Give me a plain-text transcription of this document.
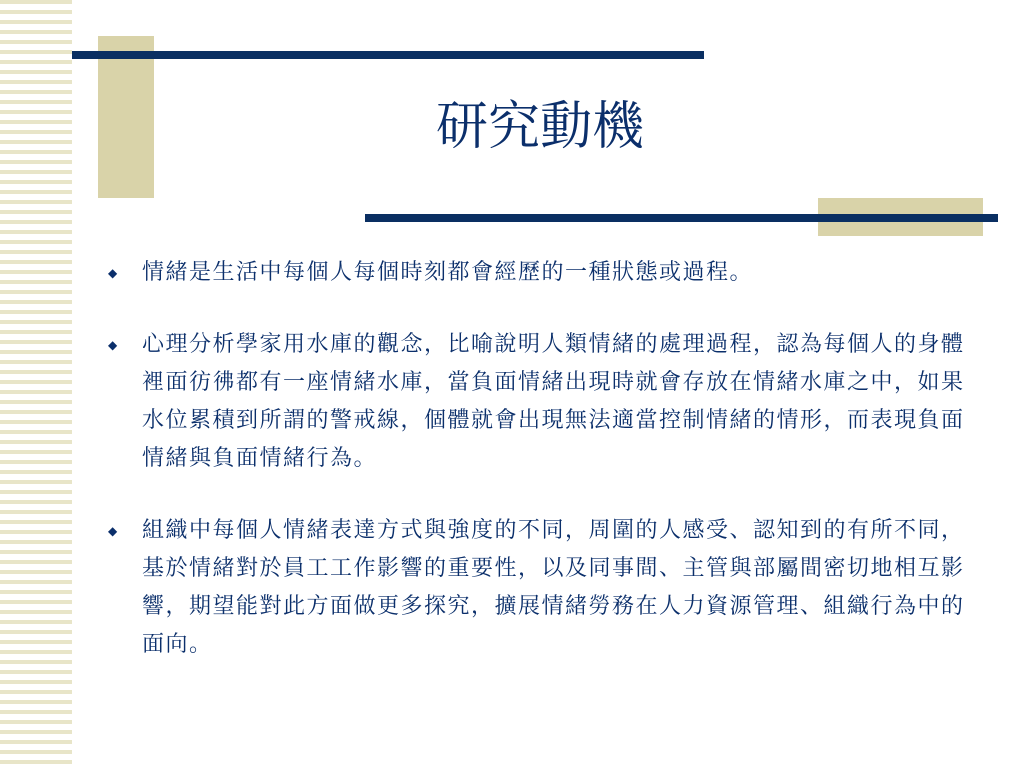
研究動機
◆	情緒是生活中每個人每個時刻都會經歷的一種狀態或過程。
◆	心理分析學家用水庫的觀念，比喻說明人類情緒的處理過程，認為每個人的身體裡面彷彿都有一座情緒水庫，當負面情緒出現時就會存放在情緒水庫之中，如果水位累積到所謂的警戒線，個體就會出現無法適當控制情緒的情形，而表現負面情緒與負面情緒行為。
◆	組織中每個人情緒表達方式與強度的不同，周圍的人感受、認知到的有所不同，基於情緒對於員工工作影響的重要性，以及同事間、主管與部屬間密切地相互影響，期望能對此方面做更多探究，擴展情緒勞務在人力資源管理、組織行為中的面向。
